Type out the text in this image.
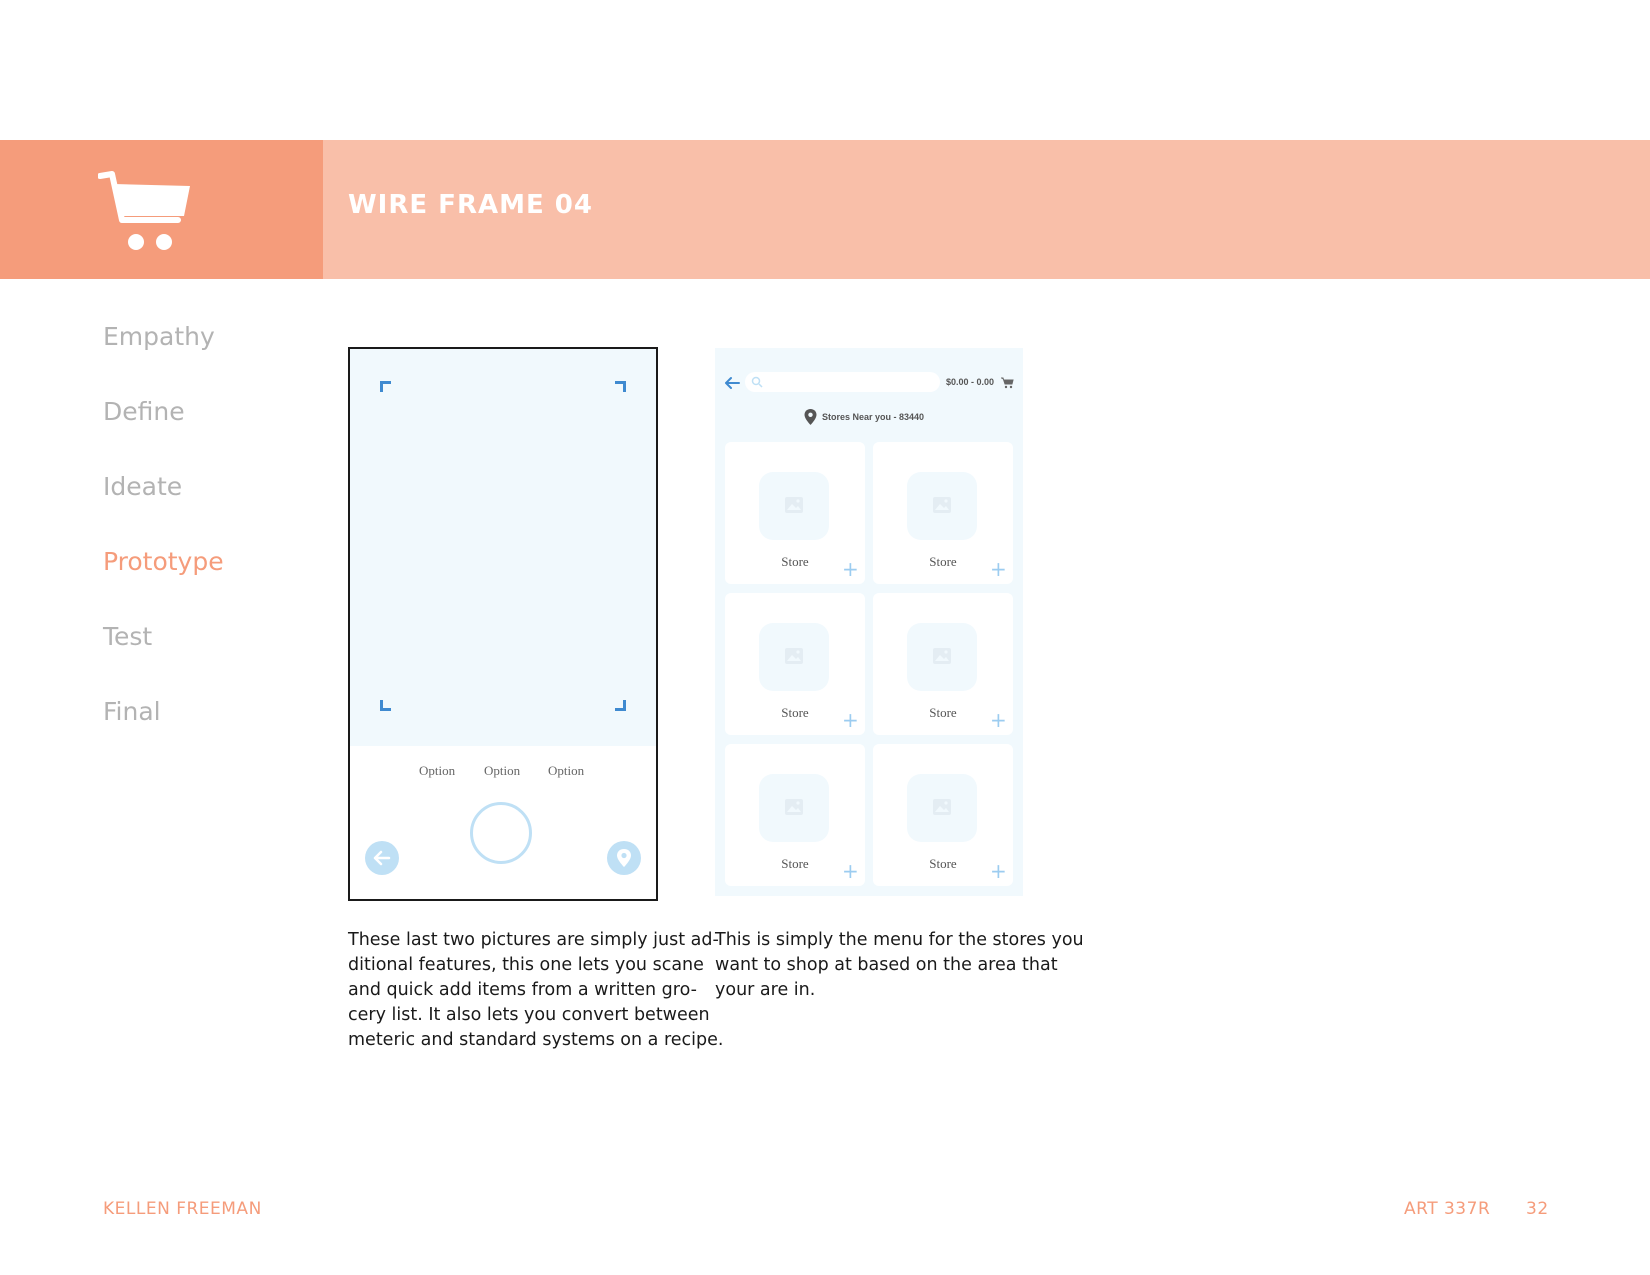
WIRE FRAME 04
Empathy
Define
Ideate
Prototype
Test
Final
Option Option Option
$0.00 - 0.00
Stores Near you - 83440
Store	+	Store	+
Store	+	Store	+
Store	+	Store	+
These last two pictures are simply just ad-
ditional features, this one lets you scane
and quick add items from a written gro-
cery list. It also lets you convert between
meteric and standard systems on a recipe.
This is simply the menu for the stores you
want to shop at based on the area that
your are in.
KELLEN FREEMAN	ART 337R 32
